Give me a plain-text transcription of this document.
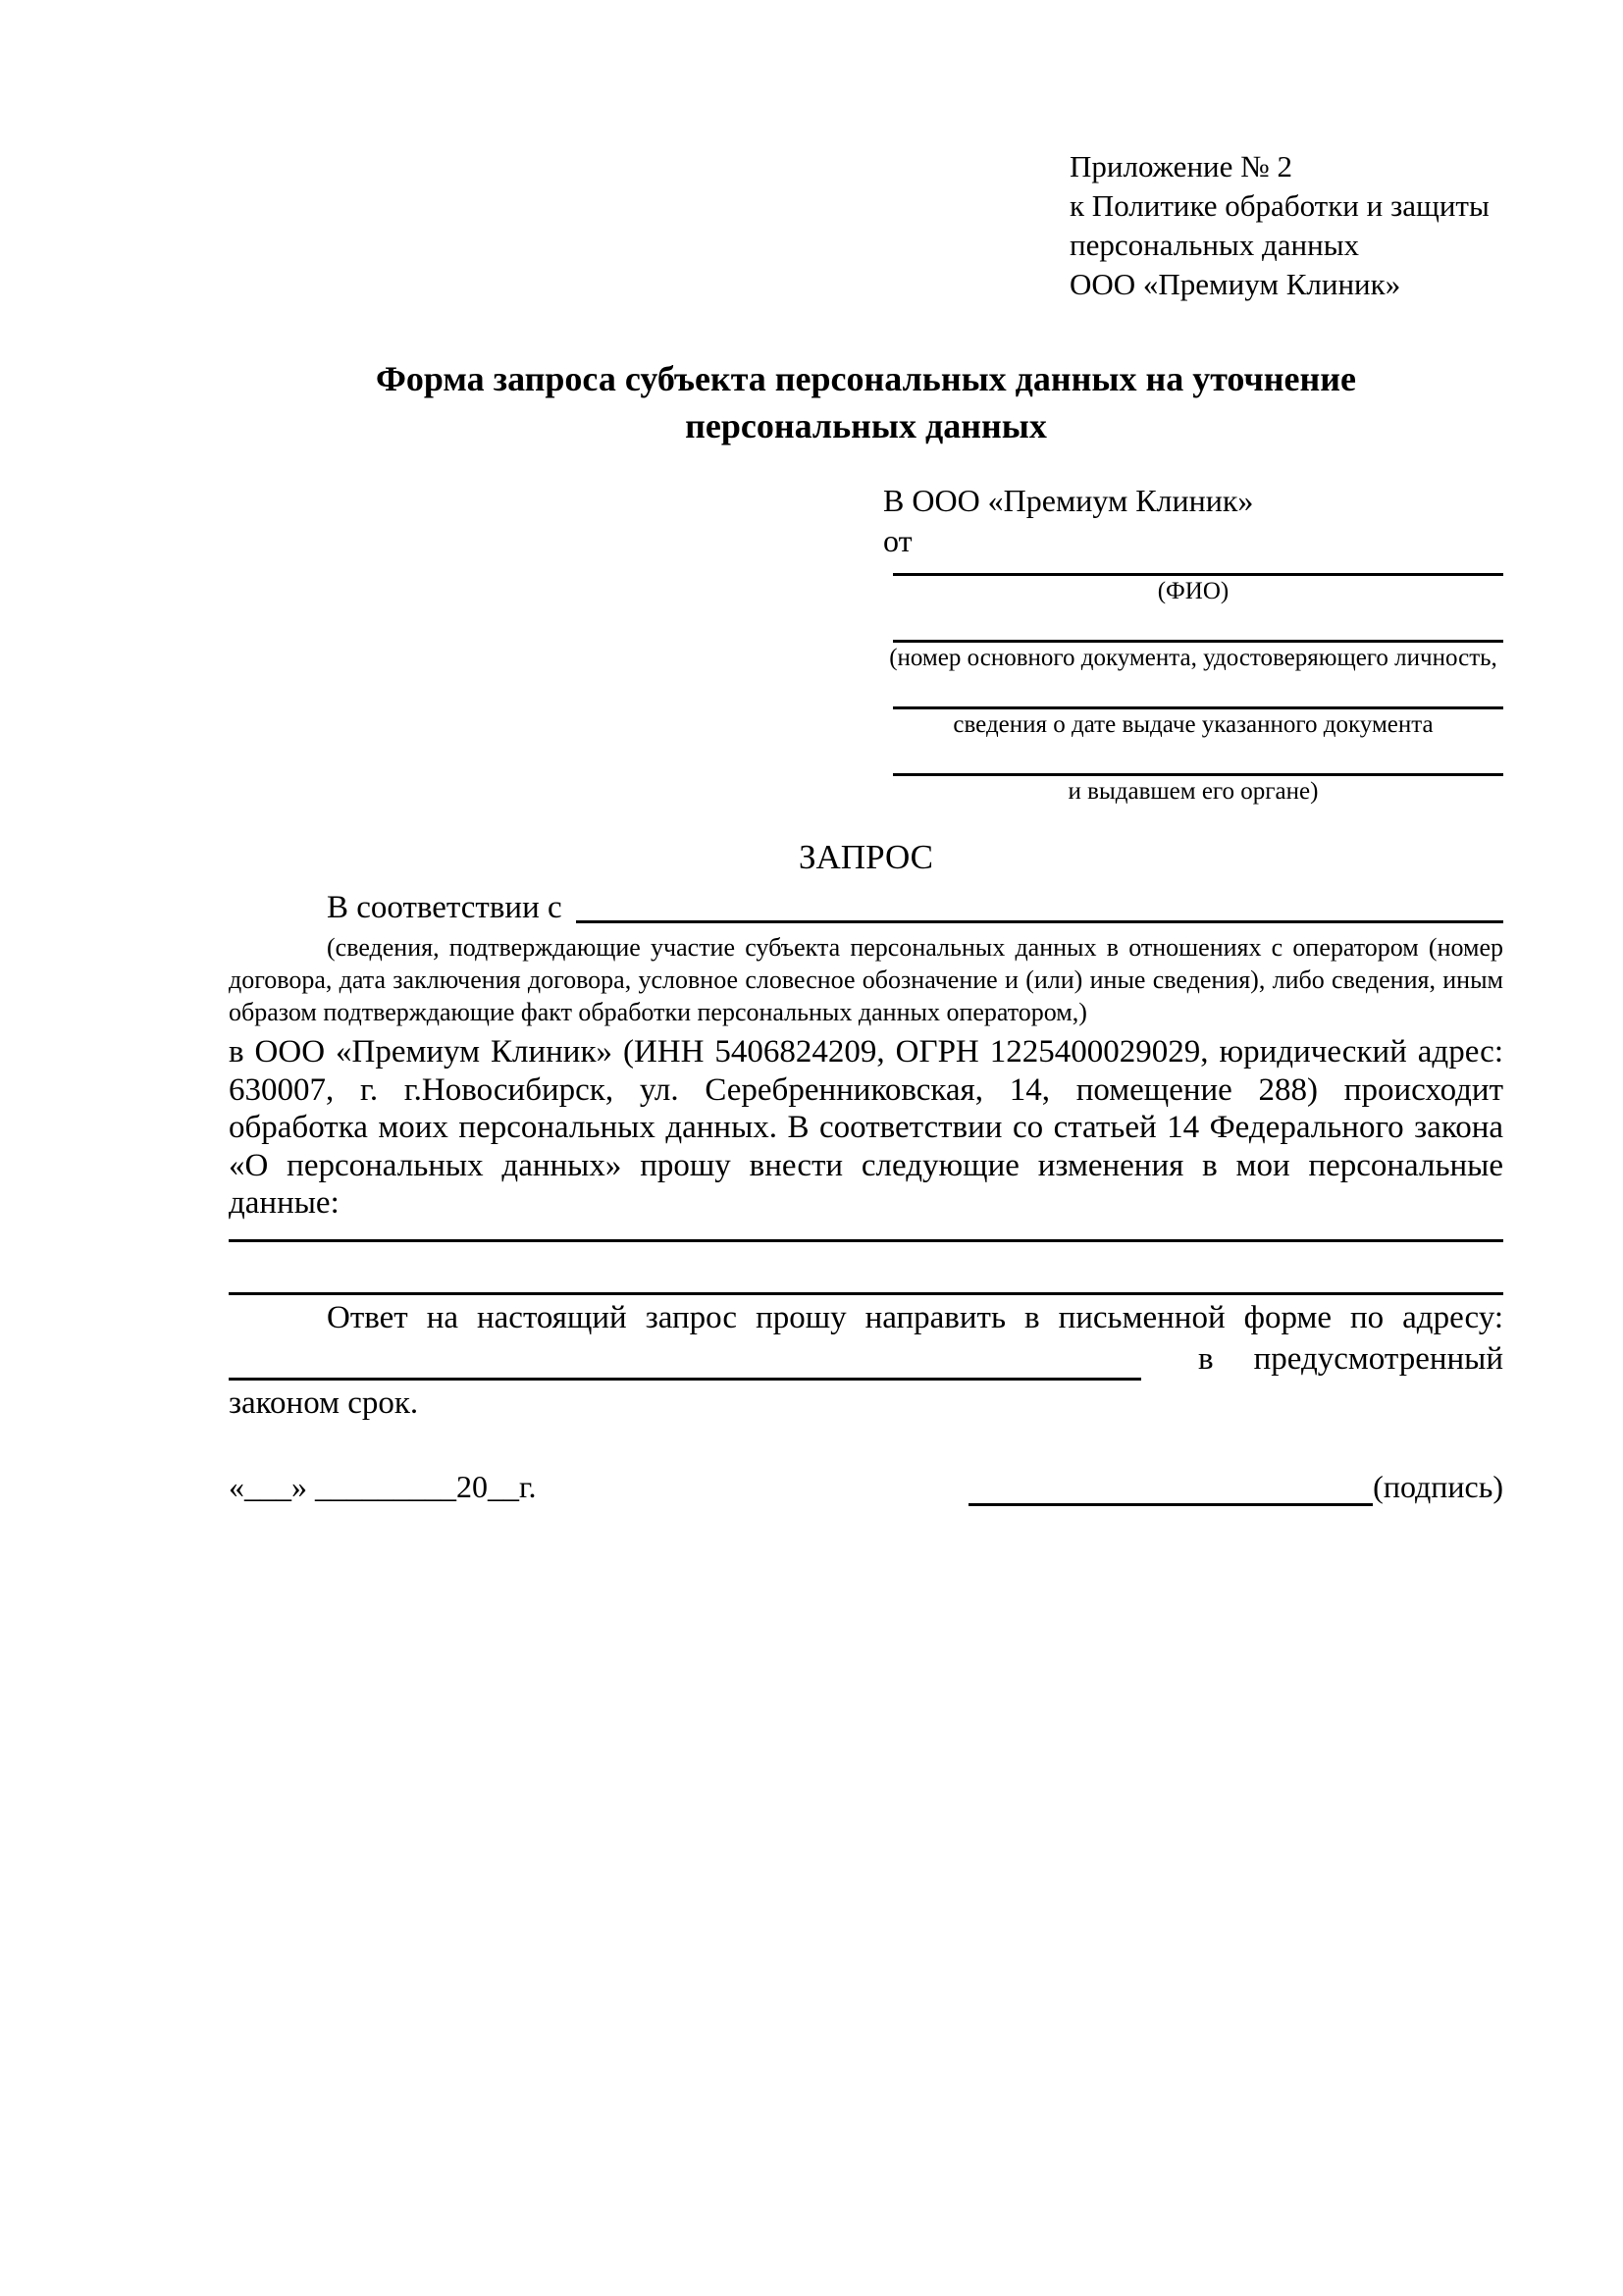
Приложение № 2
к Политике обработки и защиты
персональных данных
ООО «Премиум Клиник»
Форма запроса субъекта персональных данных на уточнение
персональных данных
В ООО «Премиум Клиник»
от
(ФИО)
(номер основного документа, удостоверяющего личность,
сведения о дате выдаче указанного документа
и выдавшем его органе)
ЗАПРОС
В соответствии с
(сведения, подтверждающие участие субъекта персональных данных в отношениях с оператором (номер договора, дата заключения договора, условное словесное обозначение и (или) иные сведения), либо сведения, иным образом подтверждающие факт обработки персональных данных оператором,)
в ООО «Премиум Клиник» (ИНН 5406824209, ОГРН 1225400029029, юридический адрес: 630007, г. г.Новосибирск, ул. Серебренниковская, 14, помещение 288) происходит обработка моих персональных данных. В соответствии со статьей 14 Федерального закона «О персональных данных» прошу внести следующие изменения в мои персональные данные:
Ответ на настоящий запрос прошу направить в письменной форме по адресу:
в предусмотренный
законом срок.
«___» _________20__г.	(подпись)
